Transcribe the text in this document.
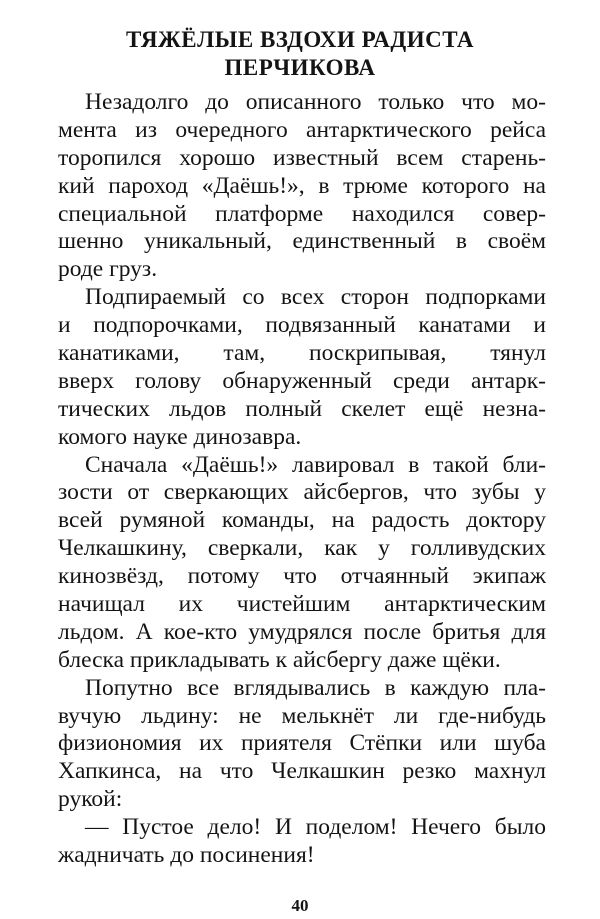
ТЯЖЁЛЫЕ ВЗДОХИ РАДИСТА
ПЕРЧИКОВА
Незадолго до описанного только что мо-
мента из очередного антарктического рейса
торопился хорошо известный всем старень-
кий пароход «Даёшь!», в трюме которого на
специальной платформе находился совер-
шенно уникальный, единственный в своём
роде груз.
Подпираемый со всех сторон подпорками
и подпорочками, подвязанный канатами и
канатиками, там, поскрипывая, тянул
вверх голову обнаруженный среди антарк-
тических льдов полный скелет ещё незна-
комого науке динозавра.
Сначала «Даёшь!» лавировал в такой бли-
зости от сверкающих айсбергов, что зубы у
всей румяной команды, на радость доктору
Челкашкину, сверкали, как у голливудских
кинозвёзд, потому что отчаянный экипаж
начищал их чистейшим антарктическим
льдом. А кое-кто умудрялся после бритья для
блеска прикладывать к айсбергу даже щёки.
Попутно все вглядывались в каждую пла-
вучую льдину: не мелькнёт ли где-нибудь
физиономия их приятеля Стёпки или шуба
Хапкинса, на что Челкашкин резко махнул
рукой:
— Пустое дело! И поделом! Нечего было
жадничать до посинения!
40
